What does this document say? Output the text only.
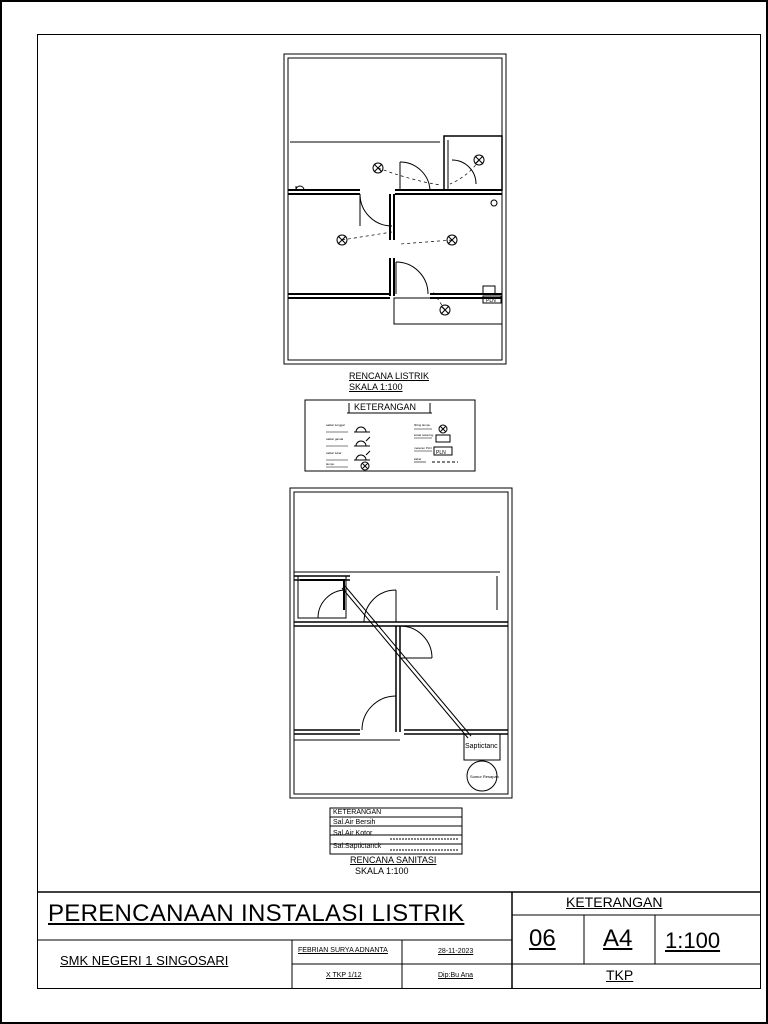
PLN
PLN
Saptictanc
Sumur Resapan
RENCANA LISTRIK
SKALA 1:100
KETERANGAN
saklar tunggal
saklar ganda
saklar tukar
lampu
fitting lampu
kotak sekering
meteran PLN
kabel
KETERANGAN
Sal.Air Bersih
Sal.Air Kotor
Sal.Saptictanck
RENCANA SANITASI
SKALA 1:100
PERENCANAAN INSTALASI LISTRIK
SMK NEGERI 1 SINGOSARI
FEBRIAN SURYA ADNANTA	28-11-2023
X TKP 1/12	Dip:Bu Ana
KETERANGAN
06 A4 1:100
TKP
